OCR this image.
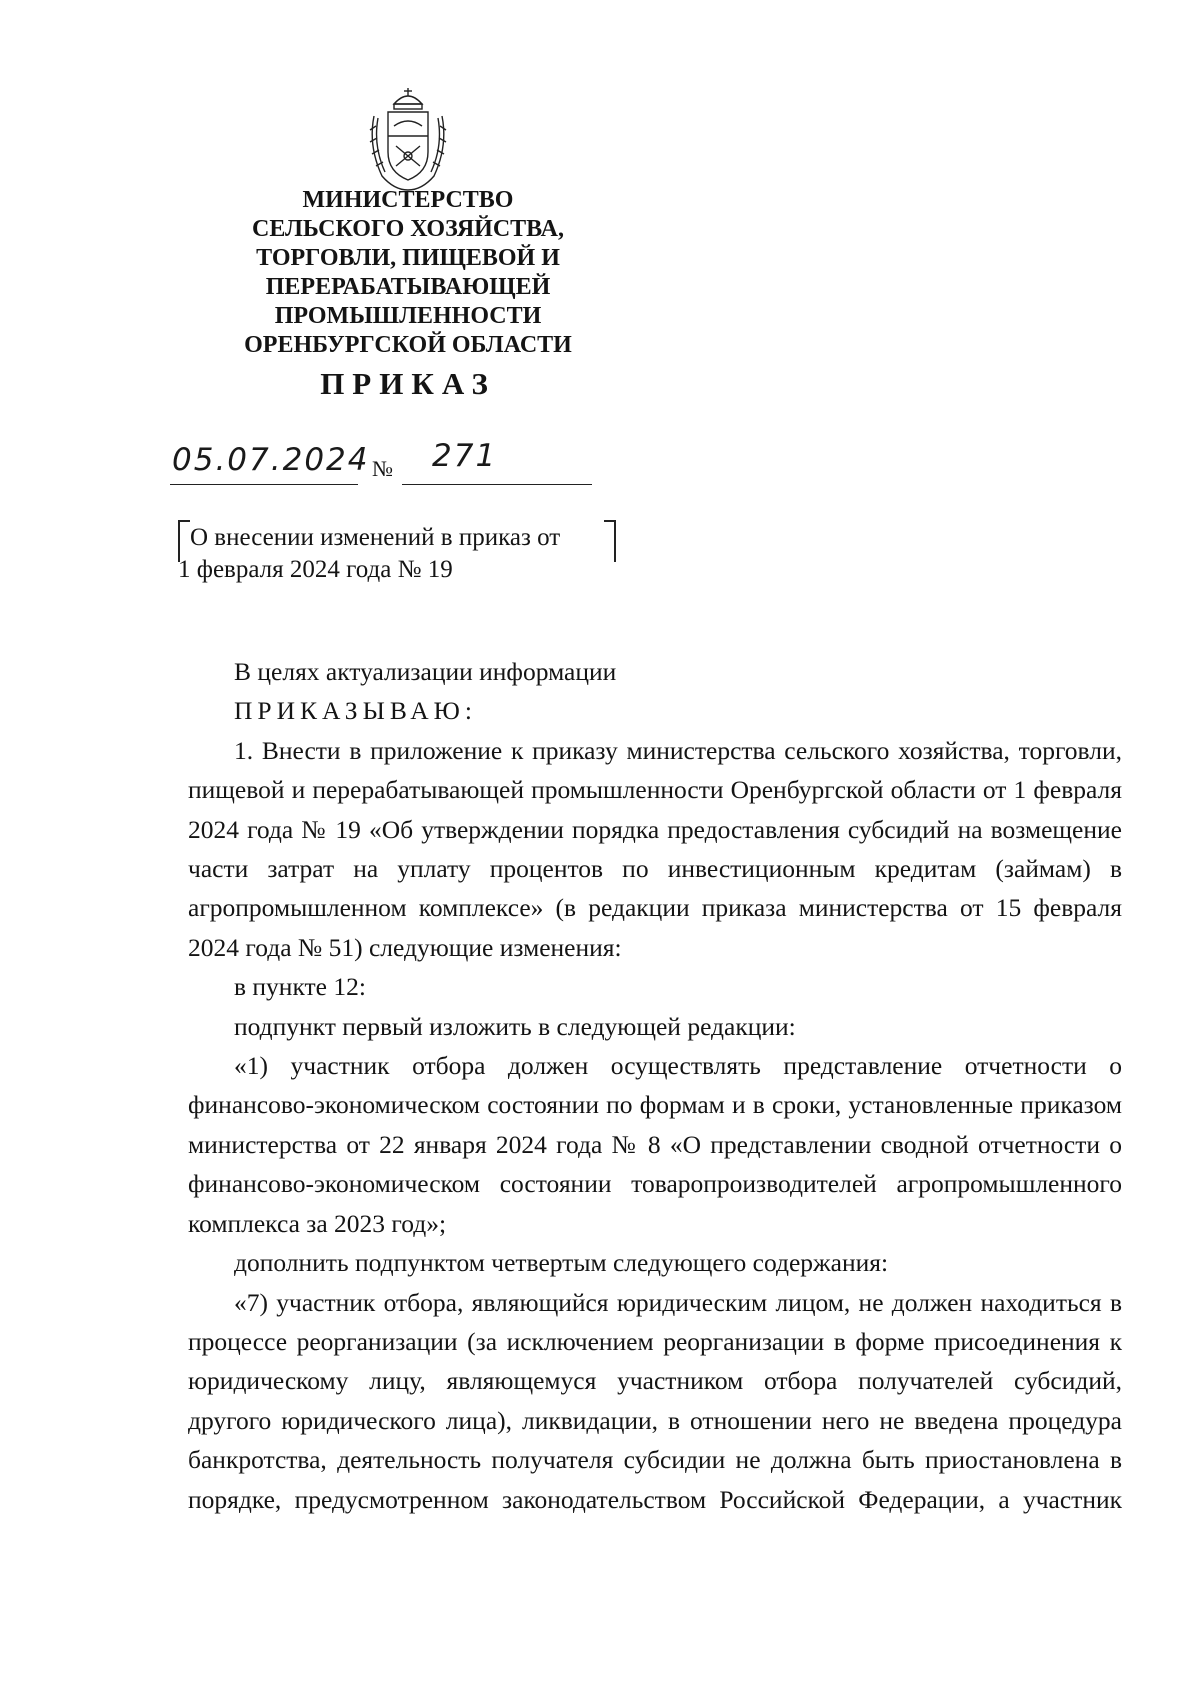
МИНИСТЕРСТВО
СЕЛЬСКОГО ХОЗЯЙСТВА,
ТОРГОВЛИ, ПИЩЕВОЙ И
ПЕРЕРАБАТЫВАЮЩЕЙ
ПРОМЫШЛЕННОСТИ
ОРЕНБУРГСКОЙ ОБЛАСТИ
ПРИКАЗ
05.07.2024 № 271
О внесении изменений в приказ от
1 февраля 2024 года № 19

В целях актуализации информации

ПРИКАЗЫВАЮ:

1. Внести в приложение к приказу министерства сельского хозяйства, торговли, пищевой и перерабатывающей промышленности Оренбургской области от 1 февраля 2024 года № 19 «Об утверждении порядка предоставления субсидий на возмещение части затрат на уплату процентов по инвестиционным кредитам (займам) в агропромышленном комплексе» (в редакции приказа министерства от 15 февраля 2024 года № 51) следующие изменения:

в пункте 12:

подпункт первый изложить в следующей редакции:

«1) участник отбора должен осуществлять представление отчетности о финансово-экономическом состоянии по формам и в сроки, установленные приказом министерства от 22 января 2024 года № 8 «О представлении сводной отчетности о финансово-экономическом состоянии товаропроизводителей агропромышленного комплекса за 2023 год»;

дополнить подпунктом четвертым следующего содержания:

«7) участник отбора, являющийся юридическим лицом, не должен находиться в процессе реорганизации (за исключением реорганизации в форме присоединения к юридическому лицу, являющемуся участником отбора получателей субсидий, другого юридического лица), ликвидации, в отношении него не введена процедура банкротства, деятельность получателя субсидии не должна быть приостановлена в порядке, предусмотренном законодательством Российской Федерации, а участник
